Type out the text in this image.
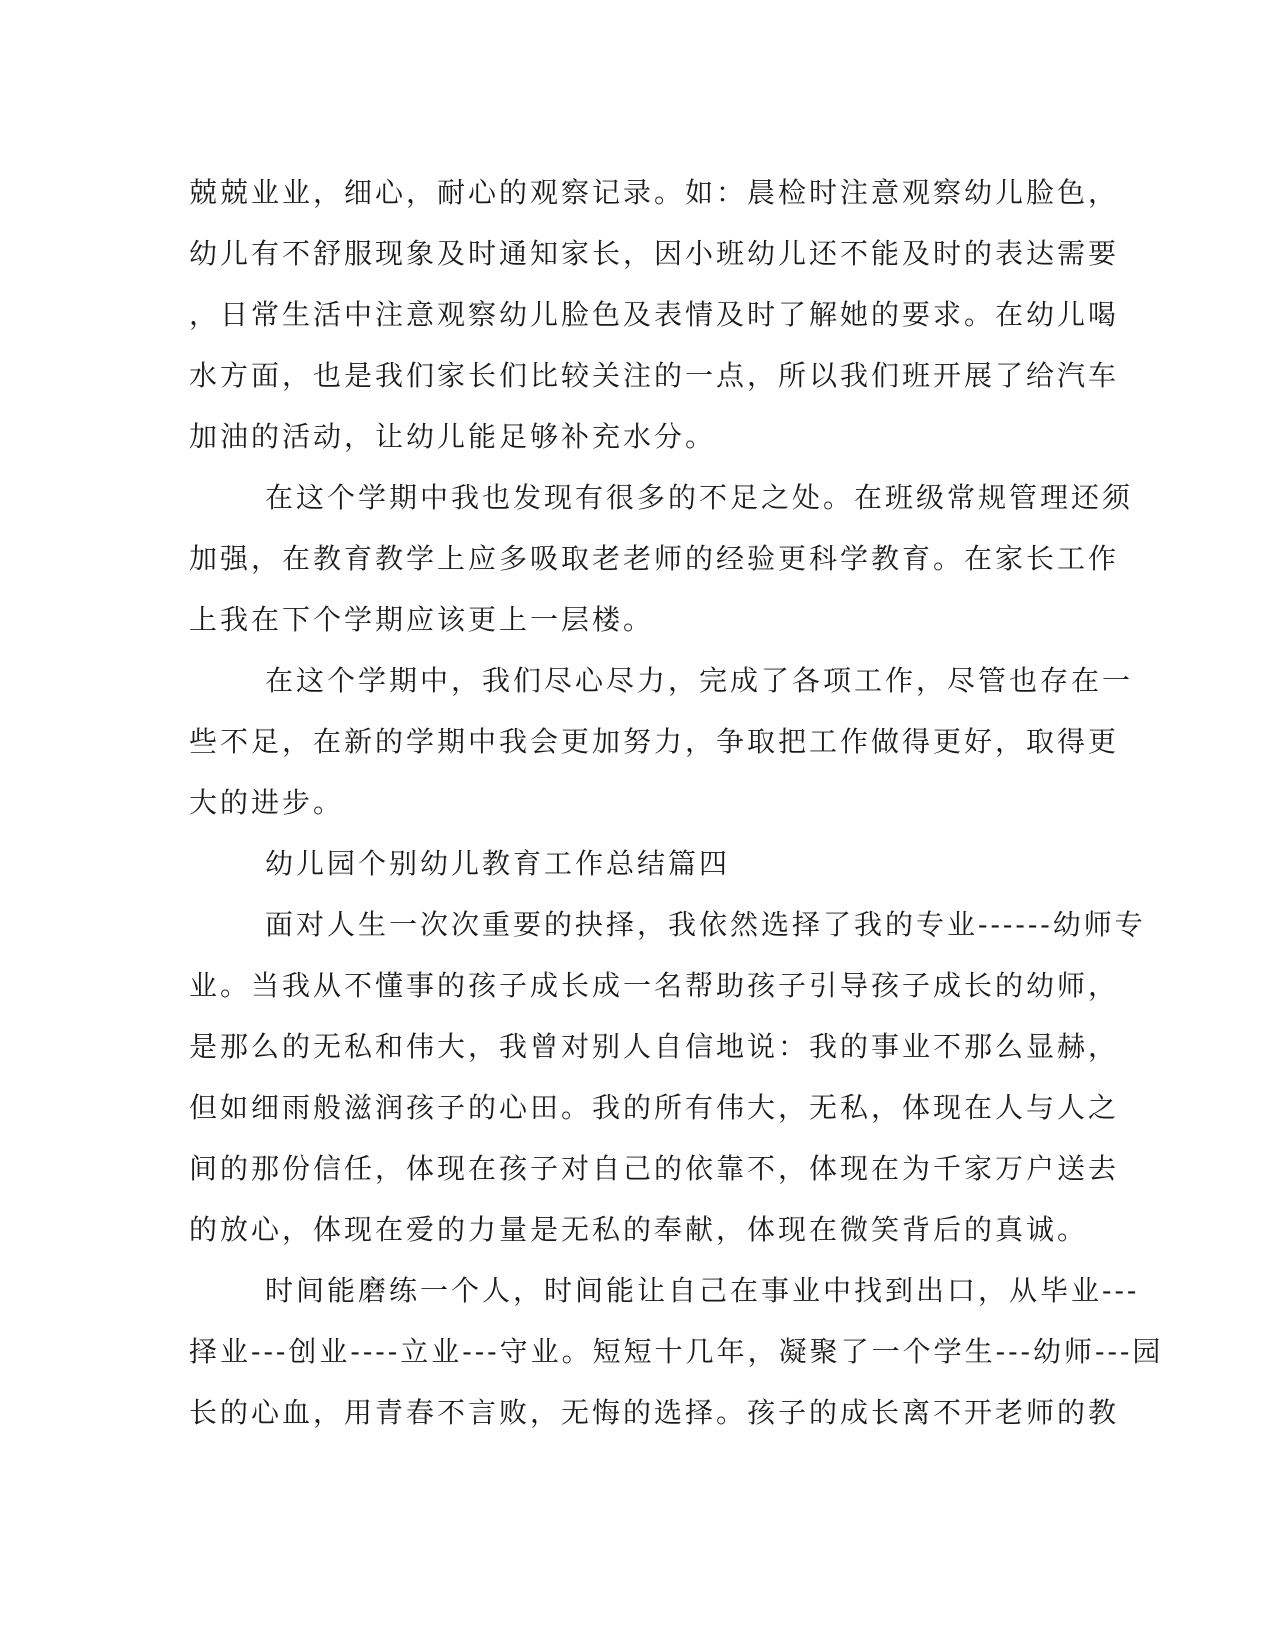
兢兢业业，细心，耐心的观察记录。如：晨检时注意观察幼儿脸色，
幼儿有不舒服现象及时通知家长，因小班幼儿还不能及时的表达需要
，日常生活中注意观察幼儿脸色及表情及时了解她的要求。在幼儿喝
水方面，也是我们家长们比较关注的一点，所以我们班开展了给汽车
加油的活动，让幼儿能足够补充水分。
在这个学期中我也发现有很多的不足之处。在班级常规管理还须
加强，在教育教学上应多吸取老老师的经验更科学教育。在家长工作
上我在下个学期应该更上一层楼。
在这个学期中，我们尽心尽力，完成了各项工作，尽管也存在一
些不足，在新的学期中我会更加努力，争取把工作做得更好，取得更
大的进步。
幼儿园个别幼儿教育工作总结篇四
面对人生一次次重要的抉择，我依然选择了我的专业------幼师专
业。当我从不懂事的孩子成长成一名帮助孩子引导孩子成长的幼师，
是那么的无私和伟大，我曾对别人自信地说：我的事业不那么显赫，
但如细雨般滋润孩子的心田。我的所有伟大，无私，体现在人与人之
间的那份信任，体现在孩子对自己的依靠不，体现在为千家万户送去
的放心，体现在爱的力量是无私的奉献，体现在微笑背后的真诚。
时间能磨练一个人，时间能让自己在事业中找到出口，从毕业---
择业---创业----立业---守业。短短十几年，凝聚了一个学生---幼师---园
长的心血，用青春不言败，无悔的选择。孩子的成长离不开老师的教
